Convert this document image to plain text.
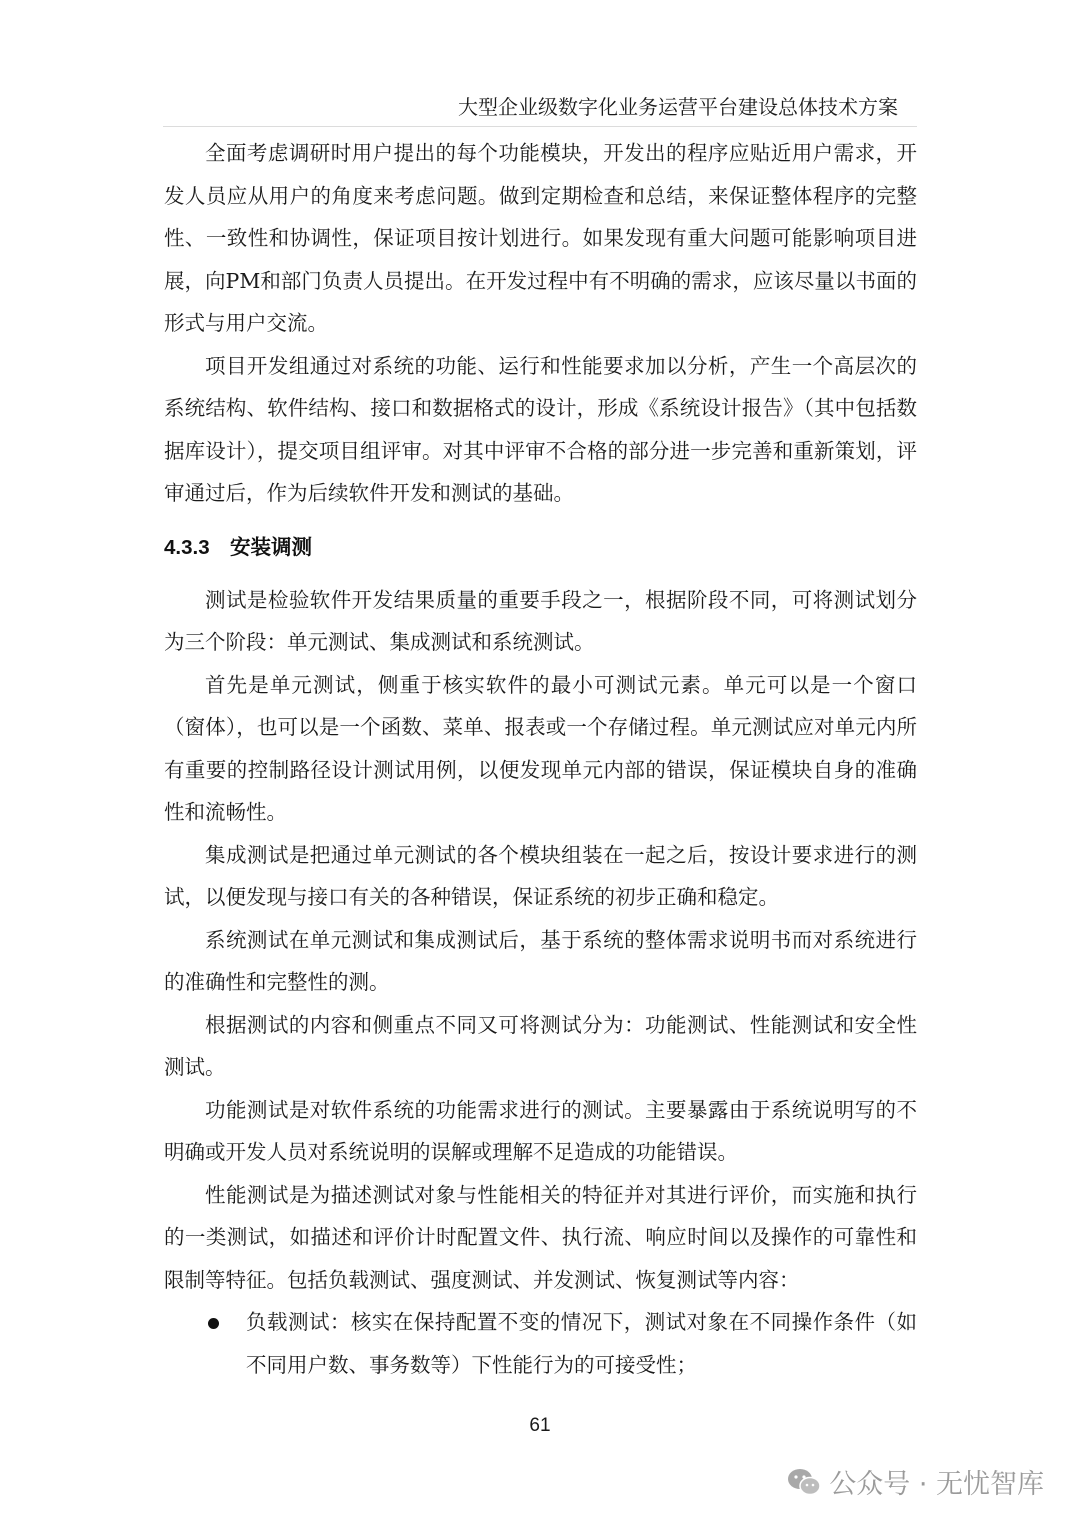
大型企业级数字化业务运营平台建设总体技术方案

全面考虑调研时用户提出的每个功能模块，开发出的程序应贴近用户需求，开发人员应从用户的角度来考虑问题。做到定期检查和总结，来保证整体程序的完整性、一致性和协调性，保证项目按计划进行。如果发现有重大问题可能影响项目进展，向PM和部门负责人员提出。在开发过程中有不明确的需求，应该尽量以书面的形式与用户交流。

项目开发组通过对系统的功能、运行和性能要求加以分析，产生一个高层次的系统结构、软件结构、接口和数据格式的设计，形成《系统设计报告》（其中包括数据库设计），提交项目组评审。对其中评审不合格的部分进一步完善和重新策划，评审通过后，作为后续软件开发和测试的基础。

4.3.3 安装调测

测试是检验软件开发结果质量的重要手段之一，根据阶段不同，可将测试划分为三个阶段：单元测试、集成测试和系统测试。

首先是单元测试，侧重于核实软件的最小可测试元素。单元可以是一个窗口（窗体），也可以是一个函数、菜单、报表或一个存储过程。单元测试应对单元内所有重要的控制路径设计测试用例，以便发现单元内部的错误，保证模块自身的准确性和流畅性。

集成测试是把通过单元测试的各个模块组装在一起之后，按设计要求进行的测试，以便发现与接口有关的各种错误，保证系统的初步正确和稳定。

系统测试在单元测试和集成测试后，基于系统的整体需求说明书而对系统进行的准确性和完整性的测。

根据测试的内容和侧重点不同又可将测试分为：功能测试、性能测试和安全性测试。

功能测试是对软件系统的功能需求进行的测试。主要暴露由于系统说明写的不明确或开发人员对系统说明的误解或理解不足造成的功能错误。

性能测试是为描述测试对象与性能相关的特征并对其进行评价，而实施和执行的一类测试，如描述和评价计时配置文件、执行流、响应时间以及操作的可靠性和限制等特征。包括负载测试、强度测试、并发测试、恢复测试等内容：

负载测试：核实在保持配置不变的情况下，测试对象在不同操作条件（如不同用户数、事务数等）下性能行为的可接受性；
61
公众号 · 无忧智库
